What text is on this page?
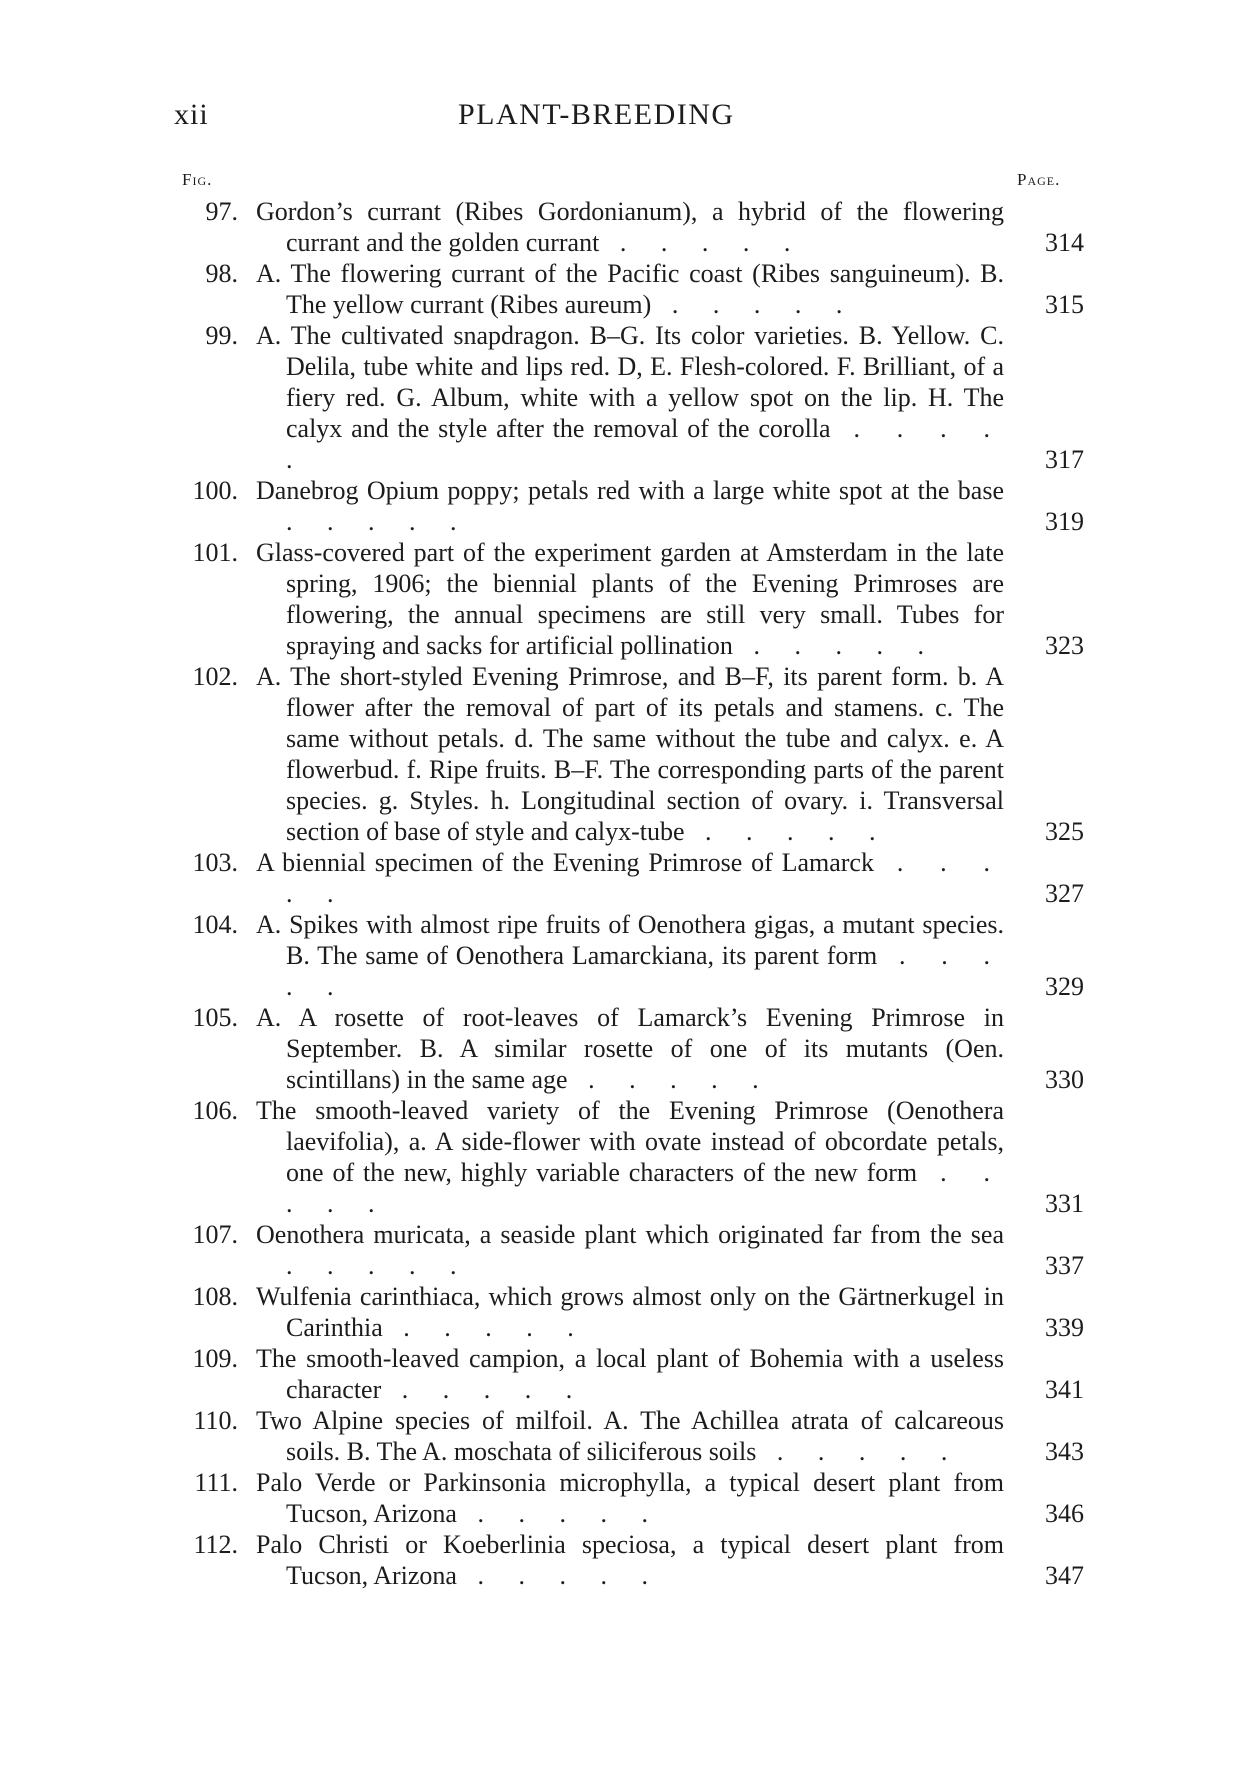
xii	PLANT-BREEDING
Fig.	Page.
97. Gordon’s currant (Ribes Gordonianum), a hybrid of the flowering currant and the golden currant . . . . .	314
98. A. The flowering currant of the Pacific coast (Ribes sanguineum). B. The yellow currant (Ribes aureum) . . . . .	315
99. A. The cultivated snapdragon. B–G. Its color varieties. B. Yellow. C. Delila, tube white and lips red. D, E. Flesh-colored. F. Brilliant, of a fiery red. G. Album, white with a yellow spot on the lip. H. The calyx and the style after the removal of the corolla . . . . .	317
100. Danebrog Opium poppy; petals red with a large white spot at the base . . . . .	319
101. Glass-covered part of the experiment garden at Amsterdam in the late spring, 1906; the biennial plants of the Evening Primroses are flowering, the annual specimens are still very small. Tubes for spraying and sacks for artificial pollination . . . . .	323
102. A. The short-styled Evening Primrose, and B–F, its parent form. b. A flower after the removal of part of its petals and stamens. c. The same without petals. d. The same without the tube and calyx. e. A flowerbud. f. Ripe fruits. B–F. The corresponding parts of the parent species. g. Styles. h. Longitudinal section of ovary. i. Transversal section of base of style and calyx-tube . . . . .	325
103. A biennial specimen of the Evening Primrose of Lamarck . . . . .	327
104. A. Spikes with almost ripe fruits of Oenothera gigas, a mutant species. B. The same of Oenothera Lamarckiana, its parent form . . . . .	329
105. A. A rosette of root-leaves of Lamarck’s Evening Primrose in September. B. A similar rosette of one of its mutants (Oen. scintillans) in the same age . . . . .	330
106. The smooth-leaved variety of the Evening Primrose (Oenothera laevifolia), a. A side-flower with ovate instead of obcordate petals, one of the new, highly variable characters of the new form . . . . .	331
107. Oenothera muricata, a seaside plant which originated far from the sea . . . . .	337
108. Wulfenia carinthiaca, which grows almost only on the Gärtnerkugel in Carinthia . . . . .	339
109. The smooth-leaved campion, a local plant of Bohemia with a useless character . . . . .	341
110. Two Alpine species of milfoil. A. The Achillea atrata of calcareous soils. B. The A. moschata of siliciferous soils . . . . .	343
111. Palo Verde or Parkinsonia microphylla, a typical desert plant from Tucson, Arizona . . . . .	346
112. Palo Christi or Koeberlinia speciosa, a typical desert plant from Tucson, Arizona . . . . .	347
